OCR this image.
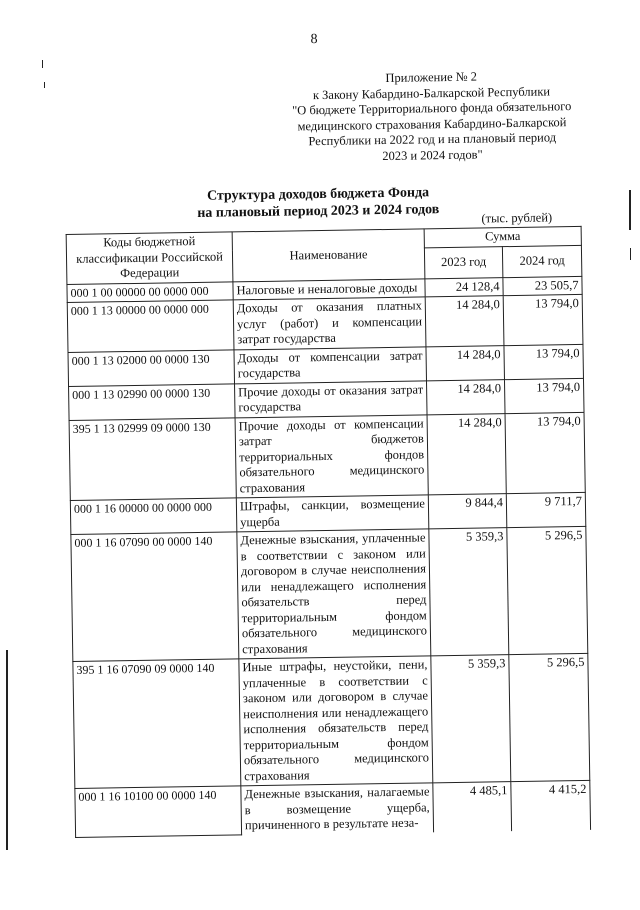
8
Приложение № 2
к Закону Кабардино-Балкарской Республики
"О бюджете Территориального фонда обязательного
медицинского страхования Кабардино-Балкарской
Республики на 2022 год и на плановый период
2023 и 2024 годов"
Структура доходов бюджета Фонда
на плановый период 2023 и 2024 годов	(тыс. рублей)
Коды бюджетной классификации Российской Федерации	Наименование	Сумма	
		2023 год	2024 год
000 1 00 00000 00 0000 000	Налоговые и неналоговые доходы	24 128,4	23 505,7
000 1 13 00000 00 0000 000	Доходы от оказания платных услуг (работ) и компенсации затрат государства	14 284,0	13 794,0
000 1 13 02000 00 0000 130	Доходы от компенсации затрат государства	14 284,0	13 794,0
000 1 13 02990 00 0000 130	Прочие доходы от оказания затрат государства	14 284,0	13 794,0
395 1 13 02999 09 0000 130	Прочие доходы от компенсации затрат бюджетов территориальных фондов обязательного медицинского страхования	14 284,0	13 794,0
000 1 16 00000 00 0000 000	Штрафы, санкции, возмещение ущерба	9 844,4	9 711,7
000 1 16 07090 00 0000 140	Денежные взыскания, уплаченные в соответствии с законом или договором в случае неисполнения или ненадлежащего исполнения обязательств перед территориальным фондом обязательного медицинского страхования	5 359,3	5 296,5
395 1 16 07090 09 0000 140	Иные штрафы, неустойки, пени, уплаченные в соответствии с законом или договором в случае неисполнения или ненадлежащего исполнения обязательств перед территориальным фондом обязательного медицинского страхования	5 359,3	5 296,5
000 1 16 10100 00 0000 140	Денежные взыскания, налагаемые в возмещение ущерба, причиненного в результате неза-	4 485,1	4 415,2
